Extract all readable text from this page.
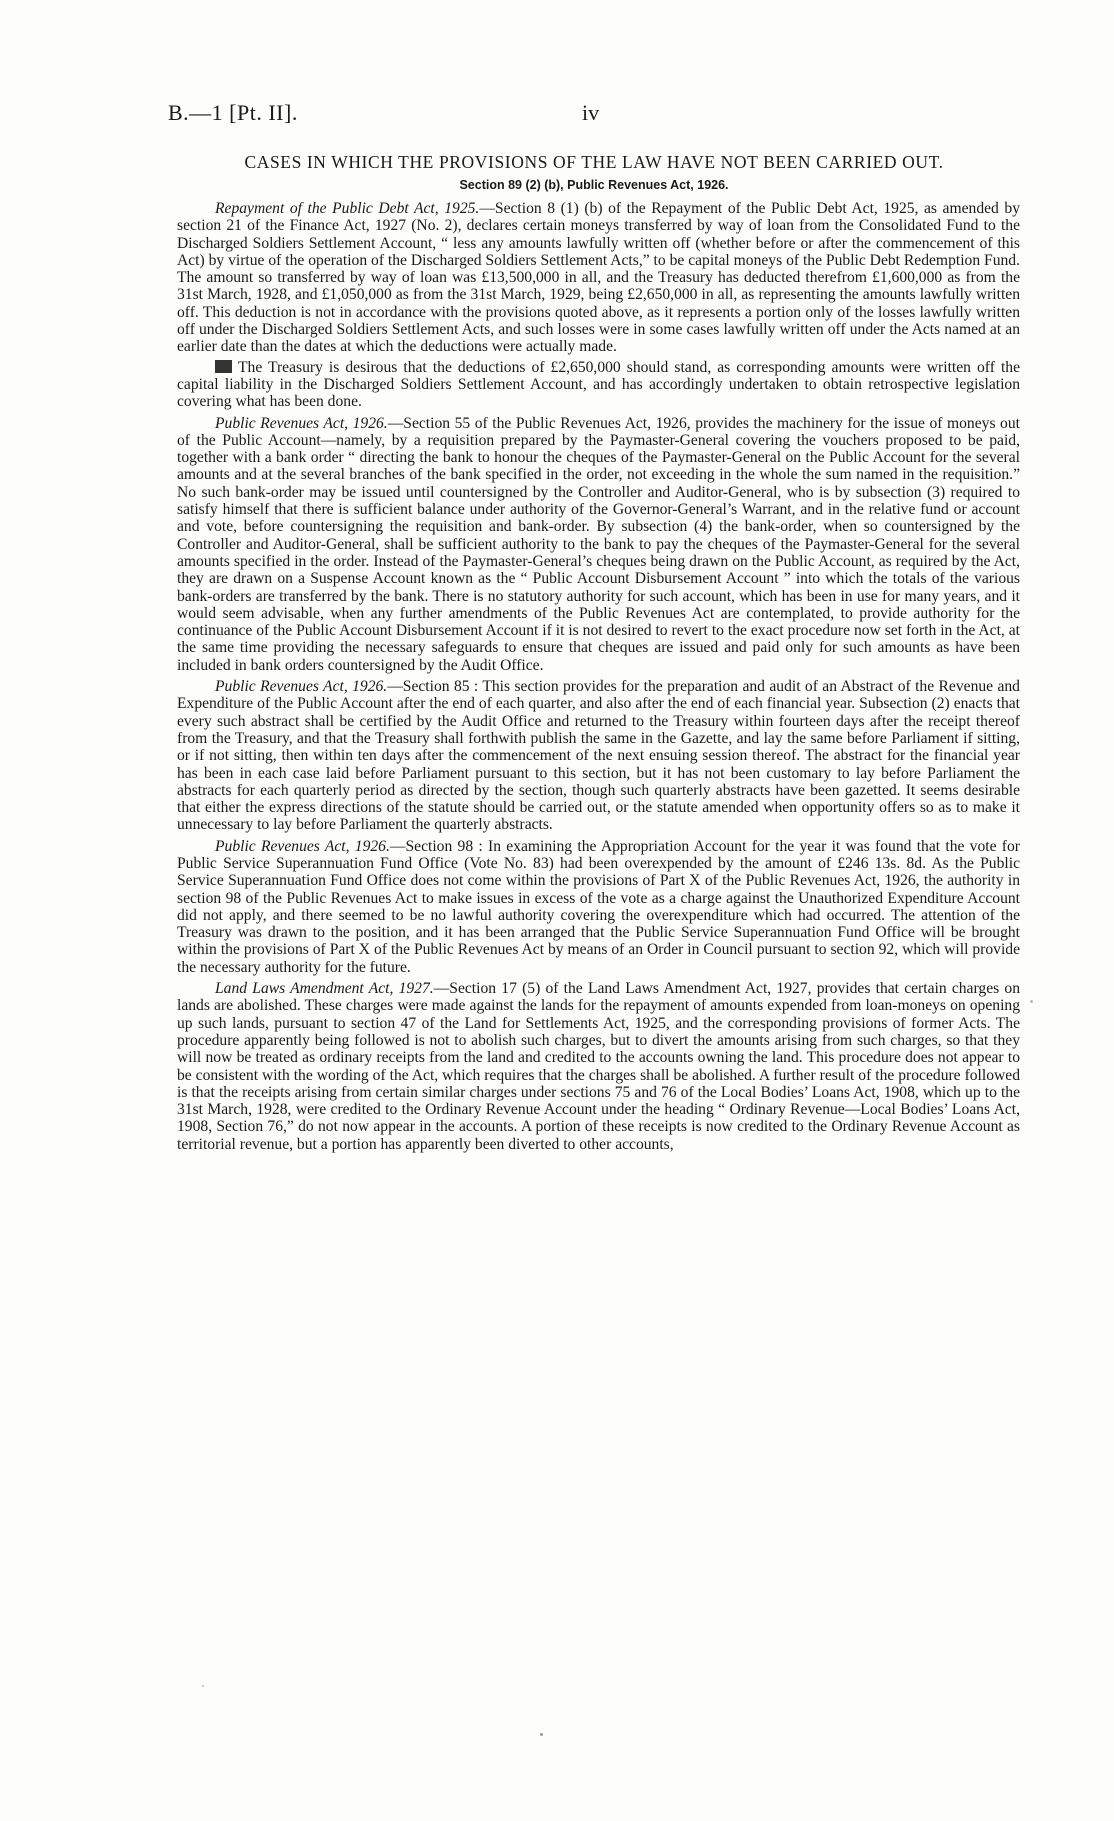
B.—1 [Pt. II].	iv
CASES IN WHICH THE PROVISIONS OF THE LAW HAVE NOT BEEN CARRIED OUT.
Section 89 (2) (b), Public Revenues Act, 1926.

Repayment of the Public Debt Act, 1925.—Section 8 (1) (b) of the Repayment of the Public Debt Act, 1925, as amended by section 21 of the Finance Act, 1927 (No. 2), declares certain moneys transferred by way of loan from the Consolidated Fund to the Discharged Soldiers Settlement Account, “ less any amounts lawfully written off (whether before or after the commencement of this Act) by virtue of the operation of the Discharged Soldiers Settlement Acts,” to be capital moneys of the Public Debt Redemption Fund. The amount so transferred by way of loan was £13,500,000 in all, and the Treasury has deducted therefrom £1,600,000 as from the 31st March, 1928, and £1,050,000 as from the 31st March, 1929, being £2,650,000 in all, as representing the amounts lawfully written off. This deduction is not in accordance with the provisions quoted above, as it represents a portion only of the losses lawfully written off under the Discharged Soldiers Settlement Acts, and such losses were in some cases lawfully written off under the Acts named at an earlier date than the dates at which the deductions were actually made.

The Treasury is desirous that the deductions of £2,650,000 should stand, as corresponding amounts were written off the capital liability in the Discharged Soldiers Settlement Account, and has accordingly undertaken to obtain retrospective legislation covering what has been done.

Public Revenues Act, 1926.—Section 55 of the Public Revenues Act, 1926, provides the machinery for the issue of moneys out of the Public Account—namely, by a requisition prepared by the Paymaster-General covering the vouchers proposed to be paid, together with a bank order “ directing the bank to honour the cheques of the Paymaster-General on the Public Account for the several amounts and at the several branches of the bank specified in the order, not exceeding in the whole the sum named in the requisition.” No such bank-order may be issued until countersigned by the Controller and Auditor-General, who is by subsection (3) required to satisfy himself that there is sufficient balance under authority of the Governor-General’s Warrant, and in the relative fund or account and vote, before countersigning the requisition and bank-order. By subsection (4) the bank-order, when so countersigned by the Controller and Auditor-General, shall be sufficient authority to the bank to pay the cheques of the Paymaster-General for the several amounts specified in the order. Instead of the Paymaster-General’s cheques being drawn on the Public Account, as required by the Act, they are drawn on a Suspense Account known as the “ Public Account Disbursement Account ” into which the totals of the various bank-orders are transferred by the bank. There is no statutory authority for such account, which has been in use for many years, and it would seem advisable, when any further amendments of the Public Revenues Act are contemplated, to provide authority for the continuance of the Public Account Disbursement Account if it is not desired to revert to the exact procedure now set forth in the Act, at the same time providing the necessary safeguards to ensure that cheques are issued and paid only for such amounts as have been included in bank orders countersigned by the Audit Office.

Public Revenues Act, 1926.—Section 85 : This section provides for the preparation and audit of an Abstract of the Revenue and Expenditure of the Public Account after the end of each quarter, and also after the end of each financial year. Subsection (2) enacts that every such abstract shall be certified by the Audit Office and returned to the Treasury within fourteen days after the receipt thereof from the Treasury, and that the Treasury shall forthwith publish the same in the Gazette, and lay the same before Parliament if sitting, or if not sitting, then within ten days after the commencement of the next ensuing session thereof. The abstract for the financial year has been in each case laid before Parliament pursuant to this section, but it has not been customary to lay before Parliament the abstracts for each quarterly period as directed by the section, though such quarterly abstracts have been gazetted. It seems desirable that either the express directions of the statute should be carried out, or the statute amended when opportunity offers so as to make it unnecessary to lay before Parliament the quarterly abstracts.

Public Revenues Act, 1926.—Section 98 : In examining the Appropriation Account for the year it was found that the vote for Public Service Superannuation Fund Office (Vote No. 83) had been overexpended by the amount of £246 13s. 8d. As the Public Service Superannuation Fund Office does not come within the provisions of Part X of the Public Revenues Act, 1926, the authority in section 98 of the Public Revenues Act to make issues in excess of the vote as a charge against the Unauthorized Expenditure Account did not apply, and there seemed to be no lawful authority covering the overexpenditure which had occurred. The attention of the Treasury was drawn to the position, and it has been arranged that the Public Service Superannuation Fund Office will be brought within the provisions of Part X of the Public Revenues Act by means of an Order in Council pursuant to section 92, which will provide the necessary authority for the future.

Land Laws Amendment Act, 1927.—Section 17 (5) of the Land Laws Amendment Act, 1927, provides that certain charges on lands are abolished. These charges were made against the lands for the repayment of amounts expended from loan-moneys on opening up such lands, pursuant to section 47 of the Land for Settlements Act, 1925, and the corresponding provisions of former Acts. The procedure apparently being followed is not to abolish such charges, but to divert the amounts arising from such charges, so that they will now be treated as ordinary receipts from the land and credited to the accounts owning the land. This procedure does not appear to be consistent with the wording of the Act, which requires that the charges shall be abolished. A further result of the procedure followed is that the receipts arising from certain similar charges under sections 75 and 76 of the Local Bodies’ Loans Act, 1908, which up to the 31st March, 1928, were credited to the Ordinary Revenue Account under the heading “ Ordinary Revenue—Local Bodies’ Loans Act, 1908, Section 76,” do not now appear in the accounts. A portion of these receipts is now credited to the Ordinary Revenue Account as territorial revenue, but a portion has apparently been diverted to other accounts,
